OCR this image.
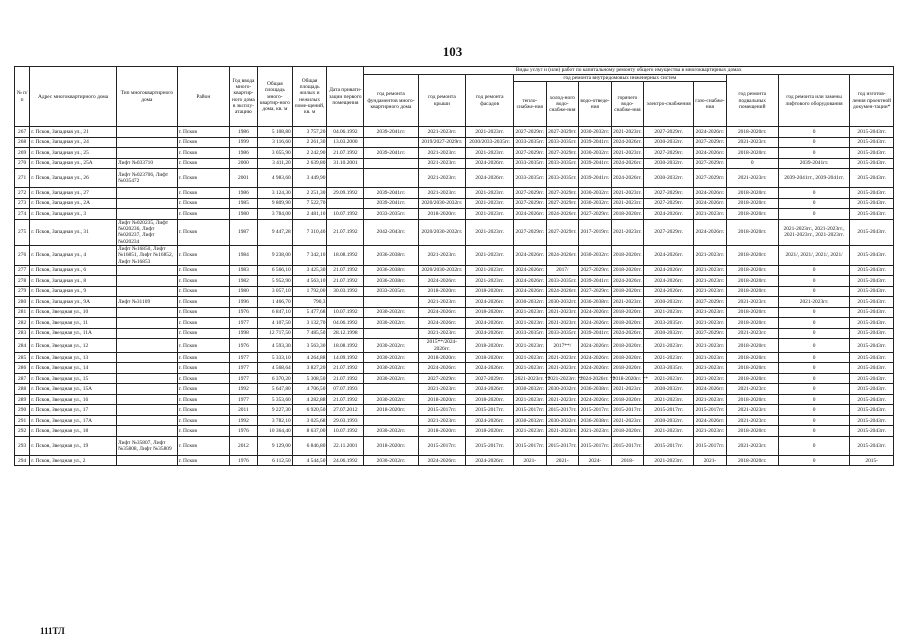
103
№ п/п	Адрес многоквартирного дома	Тип многоквартирного дома	Район	Год ввода много-квартир-ного дома в эксплу-атацию	Общая площадь много-квартир-ного дома, кв. м	Общая площадь жилых и нежилых поме-щений, кв. м	Дата привати-зации первого помещения	Виды услуг и (или) работ по капитальному ремонту общего имущества в многоквартирных домах											
								год ремонта фундаментов много-квартирного дома	год ремонта крыши	год ремонта фасадов	год ремонта внутридомовых инженерных систем						год ремонта подвальных помещений	год ремонта или замены лифтового оборудования	год изготов-ления проектной докумен-тации*
											тепло-снабже-ния	холод-ного водо-снабже-ния	водо-отведе-ния	горячего водо-снабже-ния	электро-снабжения	газо-снабже-ния			
267	г. Псков, Западная ул., 21		г. Псков	1986	5 108,80	3 757,20	04.06.1992	2039-2041гг.	2021-2023гг.	2021-2023гг.	2027-2029гг.	2027-2029гг.	2030-2032гг.	2021-2023гг.	2027-2029гг.	2024-2026гг.	2018-2020гг.	0	2015-2043гг.
268	г. Псков, Западная ул., 24		г. Псков	1999	3 116,60	2 261,30	13.03.2000		2019/2027-2029гг.	2030/2033-2035гг.	2033-2035гг.	2033-2035гг.	2039-2041гг.	2024-2026гг.	2030-2032гг.	2027-2029гг.	2021-2023гг.	0	2015-2043гг.
269	г. Псков, Западная ул., 25		г. Псков	1986	3 055,90	2 242,90	21.07.1992	2039-2041гг.	2021-2023гг.	2021-2023гг.	2027-2029гг.	2027-2029гг.	2030-2032гг.	2021-2023гг.	2027-2029гг.	2024-2026гг.	2018-2020гг.	0	2015-2043гг.
270	г. Псков, Западная ул., 25А	Лифт №033710	г. Псков	2000	3 411,20	2 639,80	31.10.2001		2021-2023гг.	2024-2026гг.	2033-2035гг.	2033-2035гг.	2039-2041гг.	2024-2026гг.	2030-2032гг.	2027-2029гг.	0	2039-2041гг.	2015-2043гг.
271	г. Псков, Западная ул., 26	Лифт №023706, Лифт №035472	г. Псков	2001	4 983,60	3 449,90			2021-2023гг.	2024-2026гг.	2033-2035гг.	2033-2035гг.	2039-2041гг.	2024-2026гг.	2030-2032гг.	2027-2029гг.	2021-2023гг.	2039-2041гг., 2039-2041гг.	2015-2043гг.
272	г. Псков, Западная ул., 27		г. Псков	1986	3 124,30	2 251,30	29.09.1992	2039-2041гг.	2021-2023гг.	2021-2023гг.	2027-2029гг.	2027-2029гг.	2030-2032гг.	2021-2023гг.	2027-2029гг.	2024-2026гг.	2018-2020гг.	0	2015-2043гг.
273	г. Псков, Западная ул., 2А		г. Псков	1985	9 809,90	7 522,70		2039-2041гг.	2020/2030-2032гг.	2021-2023гг.	2027-2029гг.	2027-2029гг.	2030-2032гг.	2021-2023гг.	2027-2029гг.	2024-2026гг.	2018-2020гг.	0	2015-2043гг.
274	г. Псков, Западная ул., 3		г. Псков	1980	3 784,00	2 481,10	10.07.1992	2033-2035гг.	2018-2020гг.	2021-2023гг.	2024-2026гг.	2024-2026гг.	2027-2029гг.	2018-2020гг.	2024-2026гг.	2021-2023гг.	2018-2020гг.	0	2015-2043гг.
275	г. Псков, Западная ул., 31	Лифт №020235, Лифт №020236, Лифт №020237, Лифт №020234	г. Псков	1987	9 447,28	7 310,40	21.07.1992	2042-2043гг.	2020/2030-2032гг.	2021-2023гг.	2027-2029гг.	2027-2029гг.	2017-2019гг.	2021-2023гг.	2027-2029гг.	2024-2026гг.	2018-2020гг.	2021-2023гг., 2021-2023гг., 2021-2023гг., 2021-2023гг.	2015-2043гг.
276	г. Псков, Западная ул., 4	Лифт №16850, Лифт №16851, Лифт №16852, Лифт №16853	г. Псков	1984	9 238,00	7 342,10	18.08.1992	2036-2038гг.	2021-2023гг.	2021-2023гг.	2024-2026гг.	2024-2026гг.	2030-2032гг.	2018-2020гг.	2024-2026гг.	2021-2023гг.	2018-2020гг.	2021/, 2021/, 2021/, 2021/	2015-2043гг.
277	г. Псков, Западная ул., 6		г. Псков	1983	6 566,10	3 425,30	21.07.1992	2036-2038гг.	2020/2030-2032гг.	2021-2023гг.	2024-2026гг.	2017/	2027-2029гг.	2018-2020гг.	2024-2026гг.	2021-2023гг.	2018-2020гг.	0	2015-2043гг.
278	г. Псков, Западная ул., 8		г. Псков	1982	5 952,90	4 563,10	21.07.1992	2036-2038гг.	2024-2026гг.	2021-2023гг.	2024-2026гг.	2033-2035гг.	2039-2041гг.	2024-2026гг.	2024-2026гг.	2021-2023гг.	2018-2020гг.	0	2015-2043гг.
279	г. Псков, Западная ул., 9		г. Псков	1980	3 057,10	1 792,00	30.03.1992	2033-2035гг.	2018-2020гг.	2018-2020гг.	2024-2026гг.	2024-2026гг.	2027-2029гг.	2018-2020гг.	2024-2026гг.	2021-2023гг.	2018-2020гг.	0	2015-2043гг.
280	г. Псков, Западная ул., 9А	Лифт №31109	г. Псков	1996	1 466,70	790,3			2021-2023гг.	2024-2026гг.	2030-2032гг.	2030-2032гг.	2036-2038гг.	2021-2023гг.	2030-2032гг.	2027-2029гг.	2021-2023гг.	2021-2023гг.	2015-2043гг.
281	г. Псков, Звездная ул., 10		г. Псков	1976	6 847,10	5 477,68	10.07.1992	2030-2032гг.	2024-2026гг.	2018-2020гг.	2021-2023гг.	2021-2023гг.	2024-2026гг.	2018-2020гг.	2021-2023гг.	2021-2023гг.	2018-2020гг.	0	2015-2043гг.
282	г. Псков, Звездная ул., 11		г. Псков	1977	4 107,50	3 132,70	04.06.1992	2030-2032гг.	2024-2026гг.	2024-2026гг.	2021-2023гг.	2021-2023гг.	2024-2026гг.	2018-2020гг.	2033-2035гг.	2021-2023гг.	2018-2020гг.	0	2015-2043гг.
283	г. Псков, Звездная ул., 11А		г. Псков	1998	12 717,50	7 485,50	28.12.1998		2021-2023гг.	2024-2026гг.	2033-2035гг.	2033-2035гг.	2039-2041гг.	2024-2026гг.	2030-2032гг.	2027-2029гг.	2021-2023гг.	0	2015-2043гг.
284	г. Псков, Звездная ул., 12		г. Псков	1976	4 593,30	3 563,30	18.08.1992	2030-2032гг.	2015**/2024-2026гг.	2018-2020гг.	2021-2023гг.	2017**/	2024-2026гг.	2018-2020гг.	2021-2023гг.	2021-2023гг.	2018-2020гг.	0	2015-2043гг.
285	г. Псков, Звездная ул., 13		г. Псков	1977	5 333,10	4 264,88	14.09.1992	2030-2032гг.	2018-2020гг.	2018-2020гг.	2021-2023гг.	2021-2023гг.	2024-2026гг.	2018-2020гг.	2021-2023гг.	2021-2023гг.	2018-2020гг.	0	2015-2043гг.
286	г. Псков, Звездная ул., 14		г. Псков	1977	4 568,64	3 827,20	21.07.1992	2030-2032гг.	2024-2026гг.	2024-2026гг.	2021-2023гг.	2021-2023гг.	2024-2026гг.	2018-2020гг.	2033-2035гг.	2021-2023гг.	2018-2020гг.	0	2015-2043гг.
287	г. Псков, Звездная ул., 15		г. Псков	1977	6 370,20	5 308,50	21.07.1992	2030-2032гг.	2027-2029гг.	2027-2029гг.	2021-2023гг. **	2021-2023гг. **	2024-2026гг. **	2018-2020гг. **	2021-2023гг.	2021-2023гг.	2018-2020гг.	0	2015-2043гг.
288	г. Псков, Звездная ул., 15А		г. Псков	1992	5 647,80	4 706,50	07.07.1993		2021-2023гг.	2024-2026гг.	2030-2032гг.	2030-2032гг.	2036-2038гг.	2021-2023гг.	2030-2032гг.	2024-2026гг.	2021-2023гг.	0	2015-2043гг.
289	г. Псков, Звездная ул., 16		г. Псков	1977	5 353,60	4 282,88	21.07.1992	2030-2032гг.	2018-2020гг.	2018-2020гг.	2021-2023гг.	2021-2023гг.	2024-2026гг.	2018-2020гг.	2021-2023гг.	2021-2023гг.	2018-2020гг.	0	2015-2043гг.
290	г. Псков, Звездная ул., 17		г. Псков	2011	9 227,30	6 920,50	27.07.2012	2018-2020гг.	2015-2017гг.	2015-2017гг.	2015-2017гг.	2015-2017гг.	2015-2017гг.	2015-2017гг.	2015-2017гг.	2015-2017гг.	2021-2023гг.	0	2015-2043гг.
291	г. Псков, Звездная ул., 17А		г. Псков	1992	3 782,10	3 025,68	29.03.1993		2021-2023гг.	2024-2026гг.	2030-2032гг.	2030-2032гг.	2036-2038гг.	2021-2023гг.	2030-2032гг.	2024-2026гг.	2021-2023гг.	0	2015-2043гг.
292	г. Псков, Звездная ул., 18		г. Псков	1976	10 364,40	8 637,00	10.07.1992	2030-2032гг.	2018-2020гг.	2018-2020гг.	2021-2023гг.	2021-2023гг.	2021-2023гг.	2018-2020гг.	2021-2023гг.	2021-2023гг.	2018-2020гг.	0	2015-2043гг.
293	г. Псков, Звездная ул., 19	Лифт №35807, Лифт №35808, Лифт №35809	г. Псков	2012	9 129,00	6 846,80	22.11.2001	2018-2020гг.	2015-2017гг.	2015-2017гг.	2015-2017гг.	2015-2017гг.	2015-2017гг.	2015-2017гг.	2015-2017гг.	2015-2017гг.	2021-2023гг.	0	2015-2043гг.
294	г. Псков, Звездная ул., 2		г. Псков	1976	6 112,50	4 544,50	24.06.1992	2030-2032гг.	2024-2026гг.	2024-2026гг.	2021-	2021-	2024-	2018-	2021-2023гг.	2021-	2018-2020гг.	0	2015-
111ТЛ
